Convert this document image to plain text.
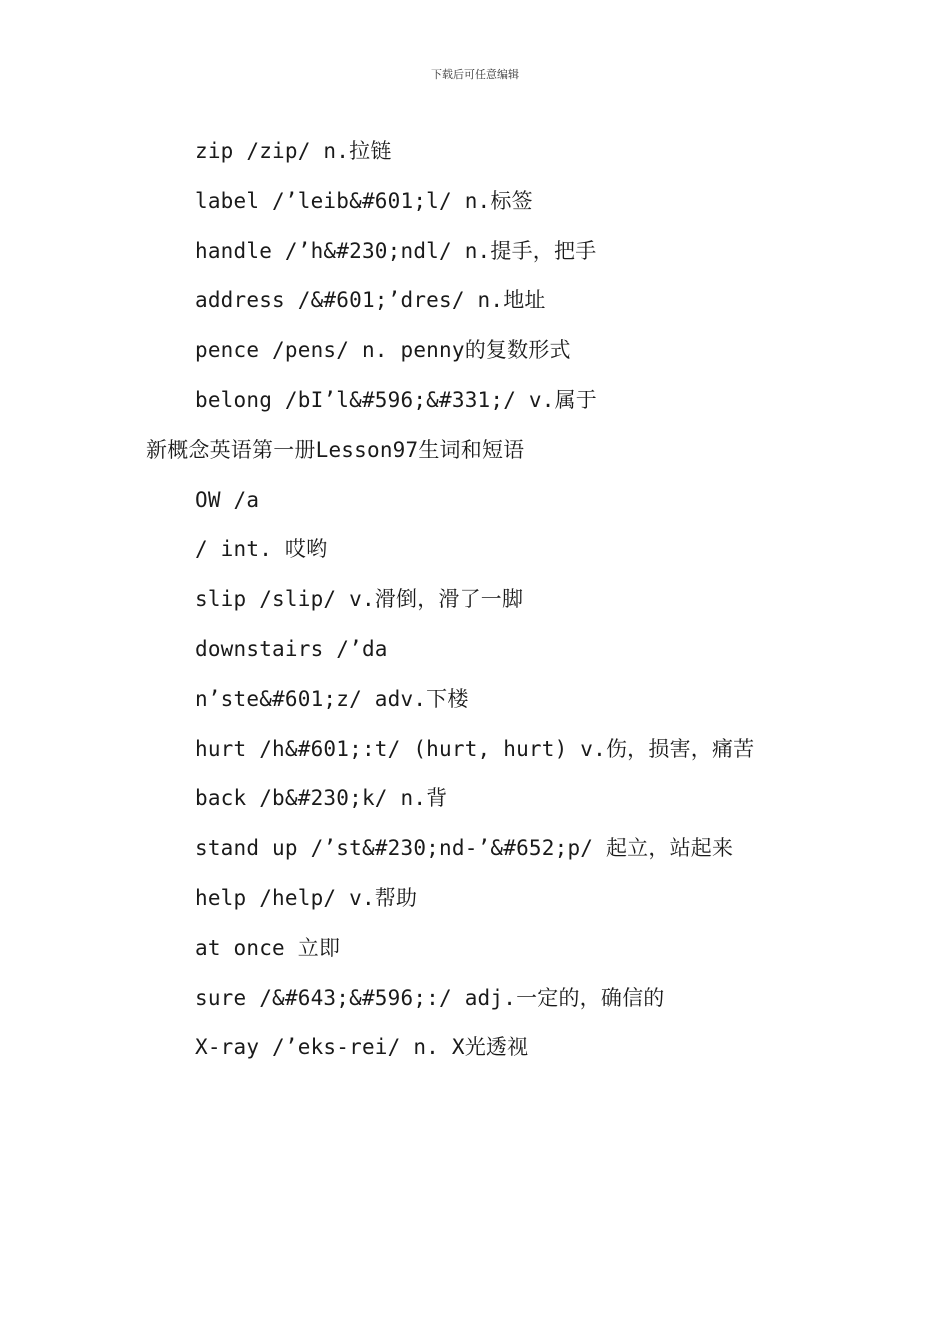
下载后可任意编辑
zip /zip/ n.拉链
label /’leib&#601;l/ n.标签
handle /’h&#230;ndl/ n.提手，把手
address /&#601;’dres/ n.地址
pence /pens/ n. penny的复数形式
belong /bI’l&#596;&#331;/ v.属于
新概念英语第一册Lesson97生词和短语
OW /a
/ int. 哎哟
slip /slip/ v.滑倒，滑了一脚
downstairs /’da
n’ste&#601;z/ adv.下楼
hurt /h&#601;:t/ (hurt, hurt) v.伤，损害，痛苦
back /b&#230;k/ n.背
stand up /’st&#230;nd-’&#652;p/ 起立，站起来
help /help/ v.帮助
at once 立即
sure /&#643;&#596;:/ adj.一定的，确信的
X-ray /’eks-rei/ n. X光透视
